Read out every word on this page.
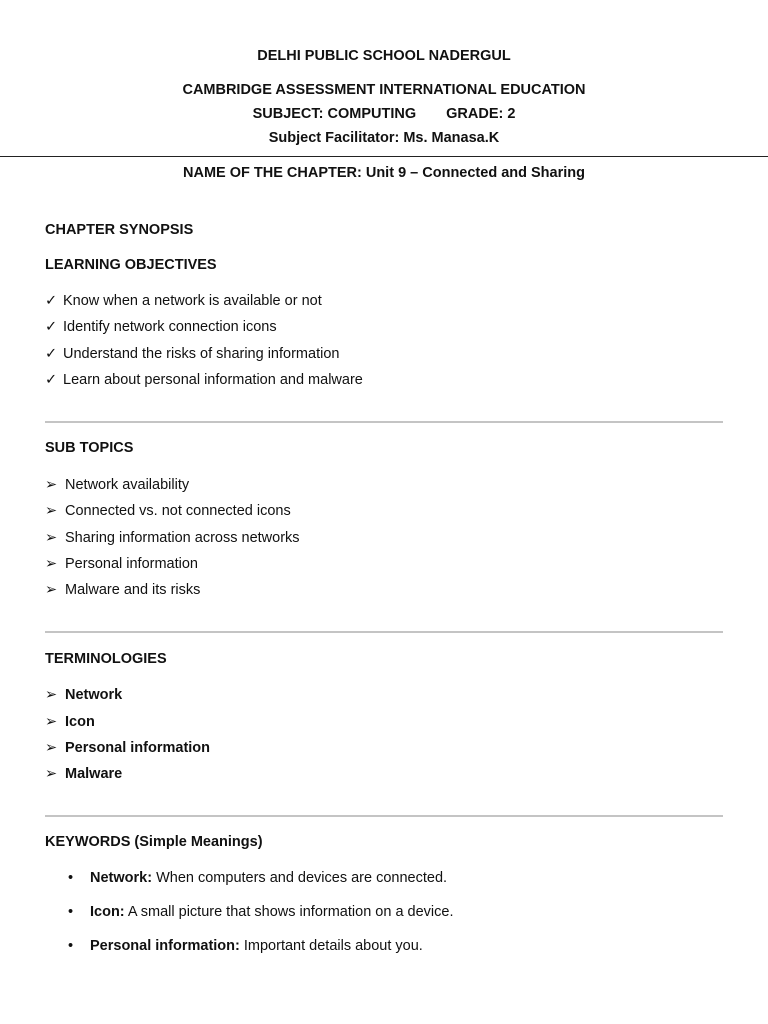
DELHI PUBLIC SCHOOL NADERGUL
CAMBRIDGE ASSESSMENT INTERNATIONAL EDUCATION
SUBJECT: COMPUTING GRADE: 2
Subject Facilitator: Ms. Manasa.K
NAME OF THE CHAPTER: Unit 9 – Connected and Sharing
CHAPTER SYNOPSIS
LEARNING OBJECTIVES
✓ Know when a network is available or not
✓ Identify network connection icons
✓ Understand the risks of sharing information
✓ Learn about personal information and malware
SUB TOPICS
➢ Network availability
➢ Connected vs. not connected icons
➢ Sharing information across networks
➢ Personal information
➢ Malware and its risks
TERMINOLOGIES
➢ Network
➢ Icon
➢ Personal information
➢ Malware
KEYWORDS (Simple Meanings)
• Network: When computers and devices are connected.
• Icon: A small picture that shows information on a device.
• Personal information: Important details about you.
